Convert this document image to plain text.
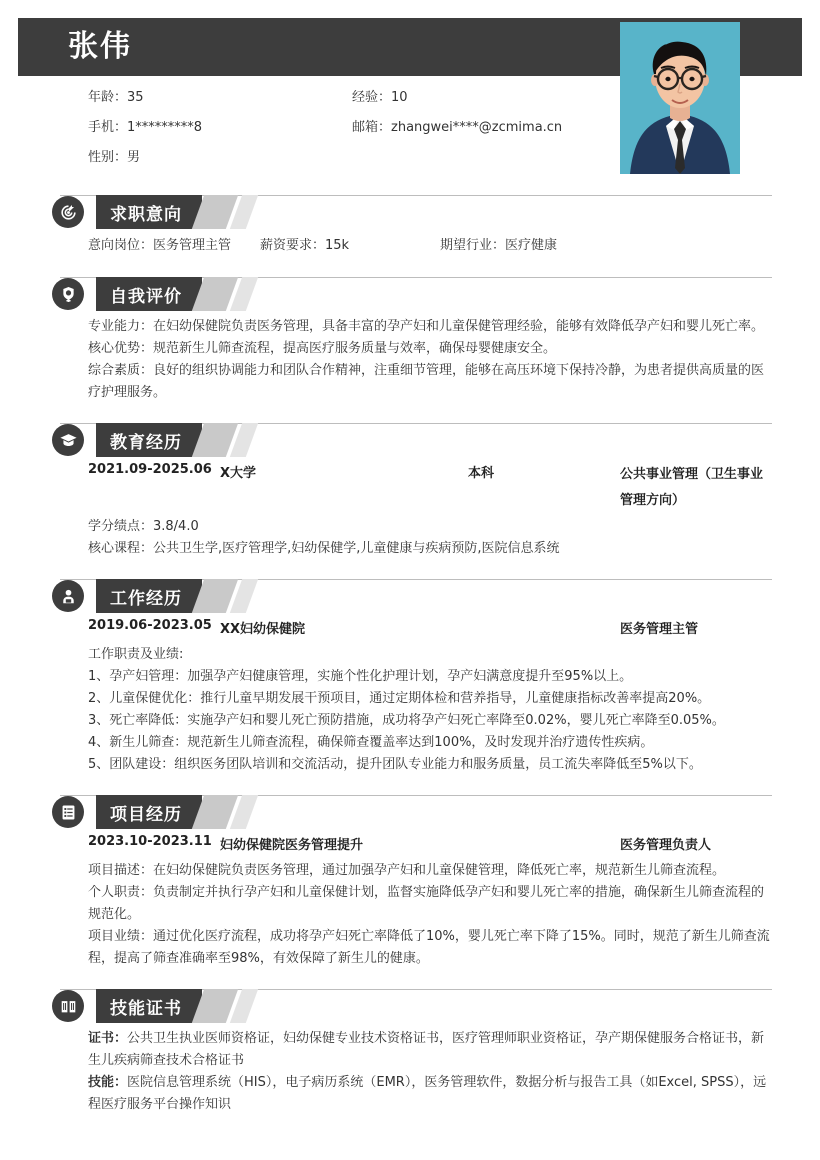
张伟
年龄：35	经验：10
手机：1*********8	邮箱：zhangwei****@zcmima.cn
性别：男
求职意向
意向岗位：医务管理主管 薪资要求：15k	期望行业：医疗健康
自我评价
专业能力：在妇幼保健院负责医务管理，具备丰富的孕产妇和儿童保健管理经验，能够有效降低孕产妇和婴儿死亡率。
核心优势：规范新生儿筛查流程，提高医疗服务质量与效率，确保母婴健康安全。
综合素质：良好的组织协调能力和团队合作精神，注重细节管理，能够在高压环境下保持冷静，为患者提供高质量的医疗护理服务。
教育经历
2021.09-2025.06 X大学	本科	公共事业管理（卫生事业管理方向）
学分绩点：3.8/4.0
核心课程：公共卫生学,医疗管理学,妇幼保健学,儿童健康与疾病预防,医院信息系统
工作经历
2019.06-2023.05 XX妇幼保健院	医务管理主管
工作职责及业绩:
1、孕产妇管理：加强孕产妇健康管理，实施个性化护理计划，孕产妇满意度提升至95%以上。
2、儿童保健优化：推行儿童早期发展干预项目，通过定期体检和营养指导，儿童健康指标改善率提高20%。
3、死亡率降低：实施孕产妇和婴儿死亡预防措施，成功将孕产妇死亡率降至0.02%，婴儿死亡率降至0.05%。
4、新生儿筛查：规范新生儿筛查流程，确保筛查覆盖率达到100%，及时发现并治疗遗传性疾病。
5、团队建设：组织医务团队培训和交流活动，提升团队专业能力和服务质量，员工流失率降低至5%以下。
项目经历
2023.10-2023.11 妇幼保健院医务管理提升	医务管理负责人
项目描述：在妇幼保健院负责医务管理，通过加强孕产妇和儿童保健管理，降低死亡率，规范新生儿筛查流程。
个人职责：负责制定并执行孕产妇和儿童保健计划，监督实施降低孕产妇和婴儿死亡率的措施，确保新生儿筛查流程的规范化。
项目业绩：通过优化医疗流程，成功将孕产妇死亡率降低了10%，婴儿死亡率下降了15%。同时，规范了新生儿筛查流程，提高了筛查准确率至98%，有效保障了新生儿的健康。
技能证书
证书：公共卫生执业医师资格证，妇幼保健专业技术资格证书，医疗管理师职业资格证，孕产期保健服务合格证书，新生儿疾病筛查技术合格证书
技能：医院信息管理系统（HIS），电子病历系统（EMR），医务管理软件，数据分析与报告工具（如Excel, SPSS），远程医疗服务平台操作知识
